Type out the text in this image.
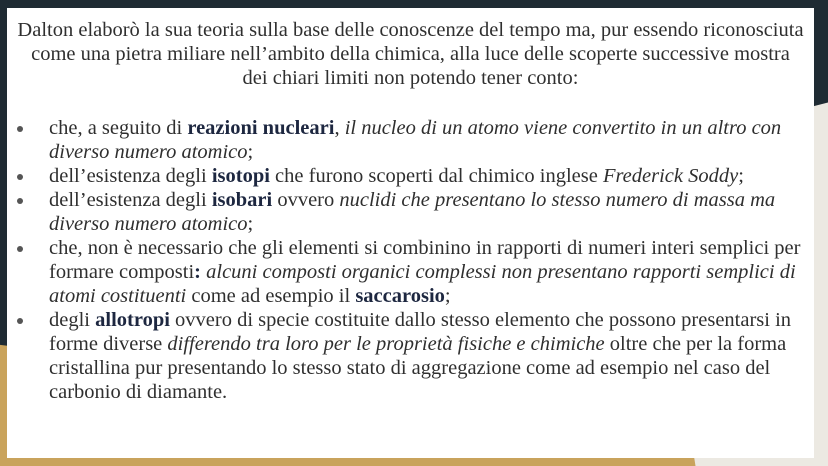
Dalton elaborò la sua teoria sulla base delle conoscenze del tempo ma, pur essendo riconosciuta come una pietra miliare nell’ambito della chimica, alla luce delle scoperte successive mostra dei chiari limiti non potendo tener conto:

che, a seguito di reazioni nucleari, il nucleo di un atomo viene convertito in un altro con diverso numero atomico;
dell’esistenza degli isotopi che furono scoperti dal chimico inglese Frederick Soddy;
dell’esistenza degli isobari ovvero nuclidi che presentano lo stesso numero di massa ma diverso numero atomico;
che, non è necessario che gli elementi si combinino in rapporti di numeri interi semplici per formare composti: alcuni composti organici complessi non presentano rapporti semplici di atomi costituenti come ad esempio il saccarosio;
degli allotropi ovvero di specie costituite dallo stesso elemento che possono presentarsi in forme diverse differendo tra loro per le proprietà fisiche e chimiche oltre che per la forma cristallina pur presentando lo stesso stato di aggregazione come ad esempio nel caso del carbonio di diamante.
